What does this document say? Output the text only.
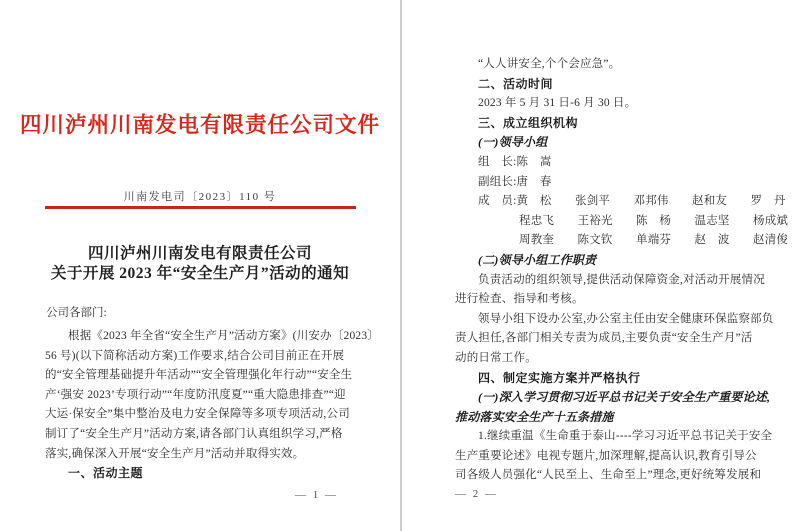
四川泸州川南发电有限责任公司文件
川南发电司〔2023〕110 号
四川泸州川南发电有限责任公司
关于开展 2023 年“安全生产月”活动的通知
公司各部门:
根据《2023 年全省“安全生产月”活动方案》(川安办〔2023〕
56 号)(以下简称活动方案)工作要求,结合公司目前正在开展
的“安全管理基础提升年活动”“安全管理强化年行动”“安全生
产‘强安 2023’专项行动”“年度防汛度夏”“重大隐患排查”“迎
大运·保安全”集中整治及电力安全保障等多项专项活动,公司
制订了“安全生产月”活动方案,请各部门认真组织学习,严格
落实,确保深入开展“安全生产月”活动并取得实效。
一、活动主题
— 1 —
“人人讲安全,个个会应急”。
二、活动时间
2023 年 5 月 31 日-6 月 30 日。
三、成立组织机构
(一)领导小组
组　长:陈　嵩
副组长:唐　春
成　员:黄　松　　张剑平　　邓邦伟　　赵和友　　罗　丹
程忠飞　　王裕光　　陈　杨　　温志坚　　杨成斌
周教奎　　陈文钦　　单端芬　　赵　波　　赵清俊
(二)领导小组工作职责
负责活动的组织领导,提供活动保障资金,对活动开展情况
进行检查、指导和考核。
领导小组下设办公室,办公室主任由安全健康环保监察部负
责人担任,各部门相关专责为成员,主要负责“安全生产月”活
动的日常工作。
四、制定实施方案并严格执行
(一)深入学习贯彻习近平总书记关于安全生产重要论述,
推动落实安全生产十五条措施
1.继续重温《生命重于泰山----学习习近平总书记关于安全
生产重要论述》电视专题片,加深理解,提高认识,教育引导公
司各级人员强化“人民至上、生命至上”理念,更好统筹发展和
— 2 —
